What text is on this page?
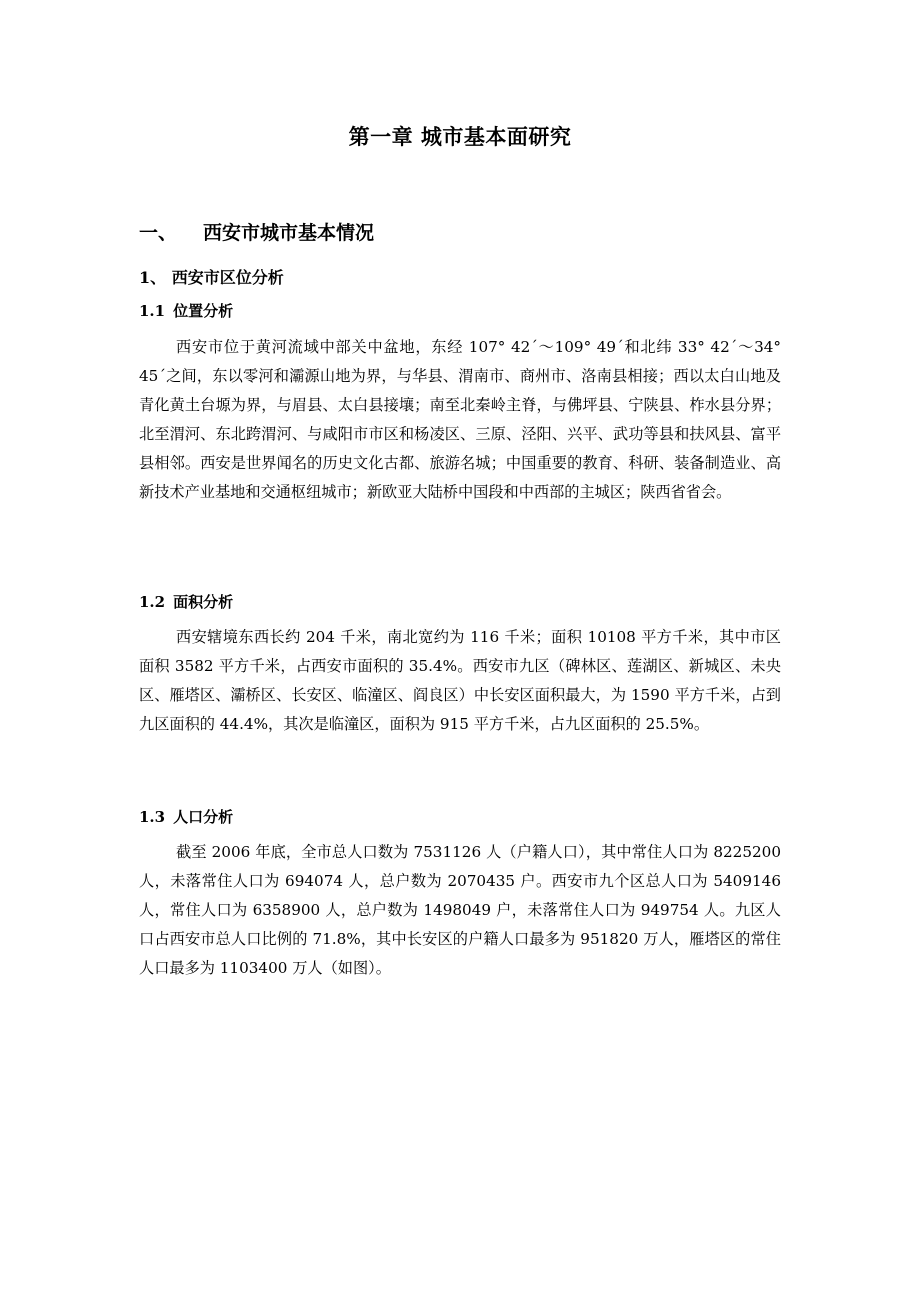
第一章 城市基本面研究
一、 西安市城市基本情况
1、 西安市区位分析
1.1 位置分析

西安市位于黄河流域中部关中盆地，东经 107° 42´～109° 49´和北纬 33° 42´～34° 45´之间，东以零河和灞源山地为界，与华县、渭南市、商州市、洛南县相接；西以太白山地及青化黄土台塬为界，与眉县、太白县接壤；南至北秦岭主脊，与佛坪县、宁陕县、柞水县分界；北至渭河、东北跨渭河、与咸阳市市区和杨凌区、三原、泾阳、兴平、武功等县和扶风县、富平县相邻。西安是世界闻名的历史文化古都、旅游名城；中国重要的教育、科研、装备制造业、高新技术产业基地和交通枢纽城市；新欧亚大陆桥中国段和中西部的主城区；陕西省省会。

1.2 面积分析

西安辖境东西长约 204 千米，南北宽约为 116 千米；面积 10108 平方千米，其中市区面积 3582 平方千米，占西安市面积的 35.4%。西安市九区（碑林区、莲湖区、新城区、未央区、雁塔区、灞桥区、长安区、临潼区、阎良区）中长安区面积最大，为 1590 平方千米，占到九区面积的 44.4%，其次是临潼区，面积为 915 平方千米，占九区面积的 25.5%。

1.3 人口分析

截至 2006 年底，全市总人口数为 7531126 人（户籍人口），其中常住人口为 8225200 人，未落常住人口为 694074 人，总户数为 2070435 户。西安市九个区总人口为 5409146 人，常住人口为 6358900 人，总户数为 1498049 户，未落常住人口为 949754 人。九区人口占西安市总人口比例的 71.8%，其中长安区的户籍人口最多为 951820 万人，雁塔区的常住人口最多为 1103400 万人（如图）。
